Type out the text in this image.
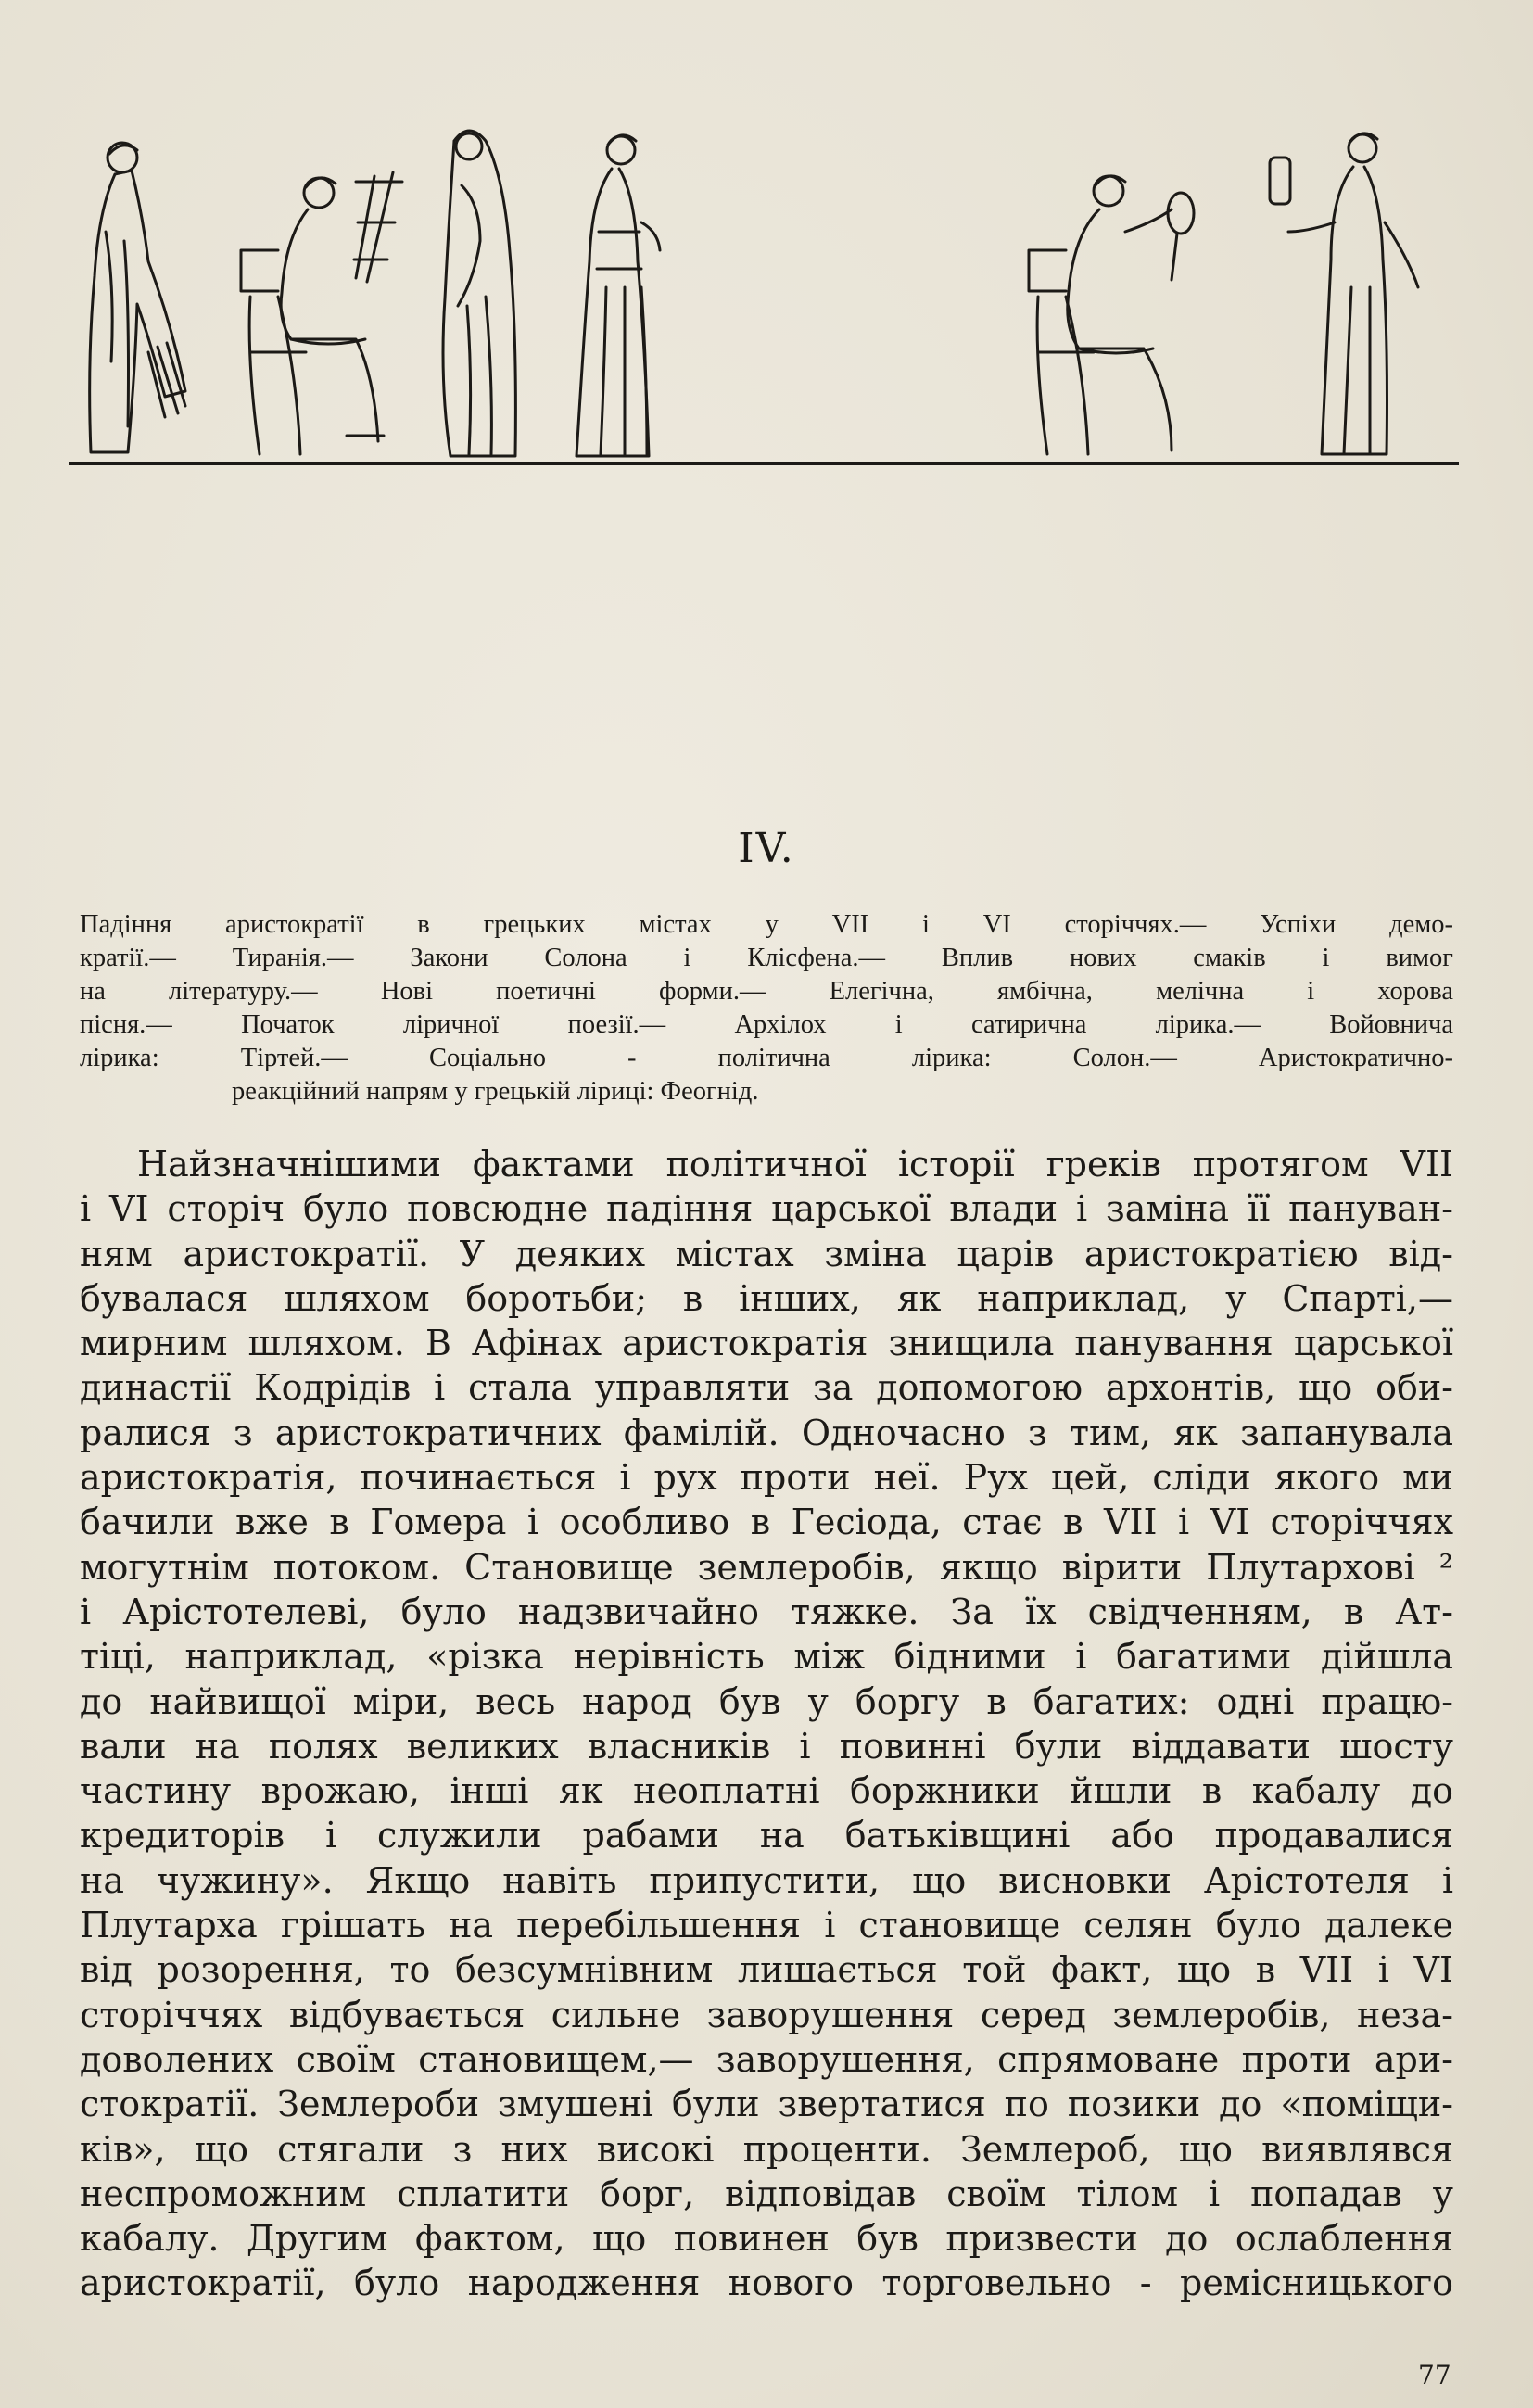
IV.
Падіння аристократії в грецьких містах у VII і VI сторіччях.— Успіхи демо-
кратії.— Тиранія.— Закони Солона і Клісфена.— Вплив нових смаків і вимог
на літературу.— Нові поетичні форми.— Елегічна, ямбічна, мелічна і хорова
пісня.— Початок ліричної поезії.— Архілох і сатирична лірика.— Войовнича
лірика: Тіртей.— Соціально - політична лірика: Солон.— Аристократично-
реакційний напрям у грецькій ліриці: Феогнід.
Найзначнішими фактами політичної історії греків протягом VII
і VI сторіч було повсюдне падіння царської влади і заміна її пануван-
ням аристократії. У деяких містах зміна царів аристократією від-
бувалася шляхом боротьби; в інших, як наприклад, у Спарті,—
мирним шляхом. В Афінах аристократія знищила панування царської
династії Кодрідів і стала управляти за допомогою архонтів, що оби-
ралися з аристократичних фамілій. Одночасно з тим, як запанувала
аристократія, починається і рух проти неї. Рух цей, сліди якого ми
бачили вже в Гомера і особливо в Гесіода, стає в VII і VI сторіччях
могутнім потоком. Становище землеробів, якщо вірити Плутархові ²
і Арістотелеві, було надзвичайно тяжке. За їх свідченням, в Ат-
тіці, наприклад, «різка нерівність між бідними і багатими дійшла
до найвищої міри, весь народ був у боргу в багатих: одні працю-
вали на полях великих власників і повинні були віддавати шосту
частину врожаю, інші як неоплатні боржники йшли в кабалу до
кредиторів і служили рабами на батьківщині або продавалися
на чужину». Якщо навіть припустити, що висновки Арістотеля і
Плутарха грішать на перебільшення і становище селян було далеке
від розорення, то безсумнівним лишається той факт, що в VII і VI
сторіччях відбувається сильне заворушення серед землеробів, неза-
доволених своїм становищем,— заворушення, спрямоване проти ари-
стократії. Землероби змушені були звертатися по позики до «поміщи-
ків», що стягали з них високі проценти. Землероб, що виявлявся
неспроможним сплатити борг, відповідав своїм тілом і попадав у
кабалу. Другим фактом, що повинен був призвести до ослаблення
аристократії, було народження нового торговельно - ремісницького
77
